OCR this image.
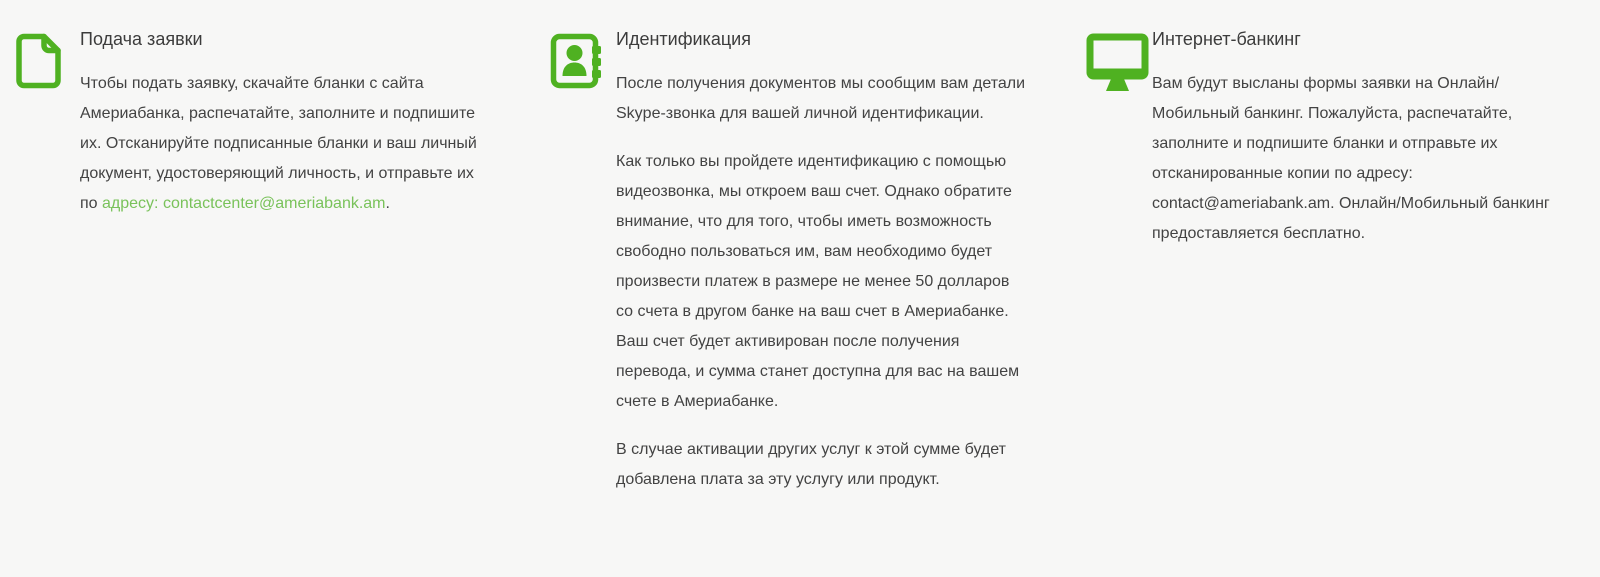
Подача заявки

Чтобы подать заявку, скачайте бланки с сайта Америабанка, распечатайте, заполните и подпишите их. Отсканируйте подписанные бланки и ваш личный документ, удостоверяющий личность, и отправьте их по адресу: contactcenter@ameriabank.am.

Идентификация

После получения документов мы сообщим вам детали Skype-звонка для вашей личной идентификации.

Как только вы пройдете идентификацию с помощью видеозвонка, мы откроем ваш счет. Однако обратите внимание, что для того, чтобы иметь возможность свободно пользоваться им, вам необходимо будет произвести платеж в размере не менее 50 долларов со счета в другом банке на ваш счет в Америабанке. Ваш счет будет активирован после получения перевода, и сумма станет доступна для вас на вашем счете в Америабанке.

В случае активации других услуг к этой сумме будет добавлена плата за эту услугу или продукт.

Интернет-банкинг

Вам будут высланы формы заявки на Онлайн/Мобильный банкинг. Пожалуйста, распечатайте, заполните и подпишите бланки и отправьте их отсканированные копии по адресу: contact@ameriabank.am. Онлайн/Мобильный банкинг предоставляется бесплатно.
